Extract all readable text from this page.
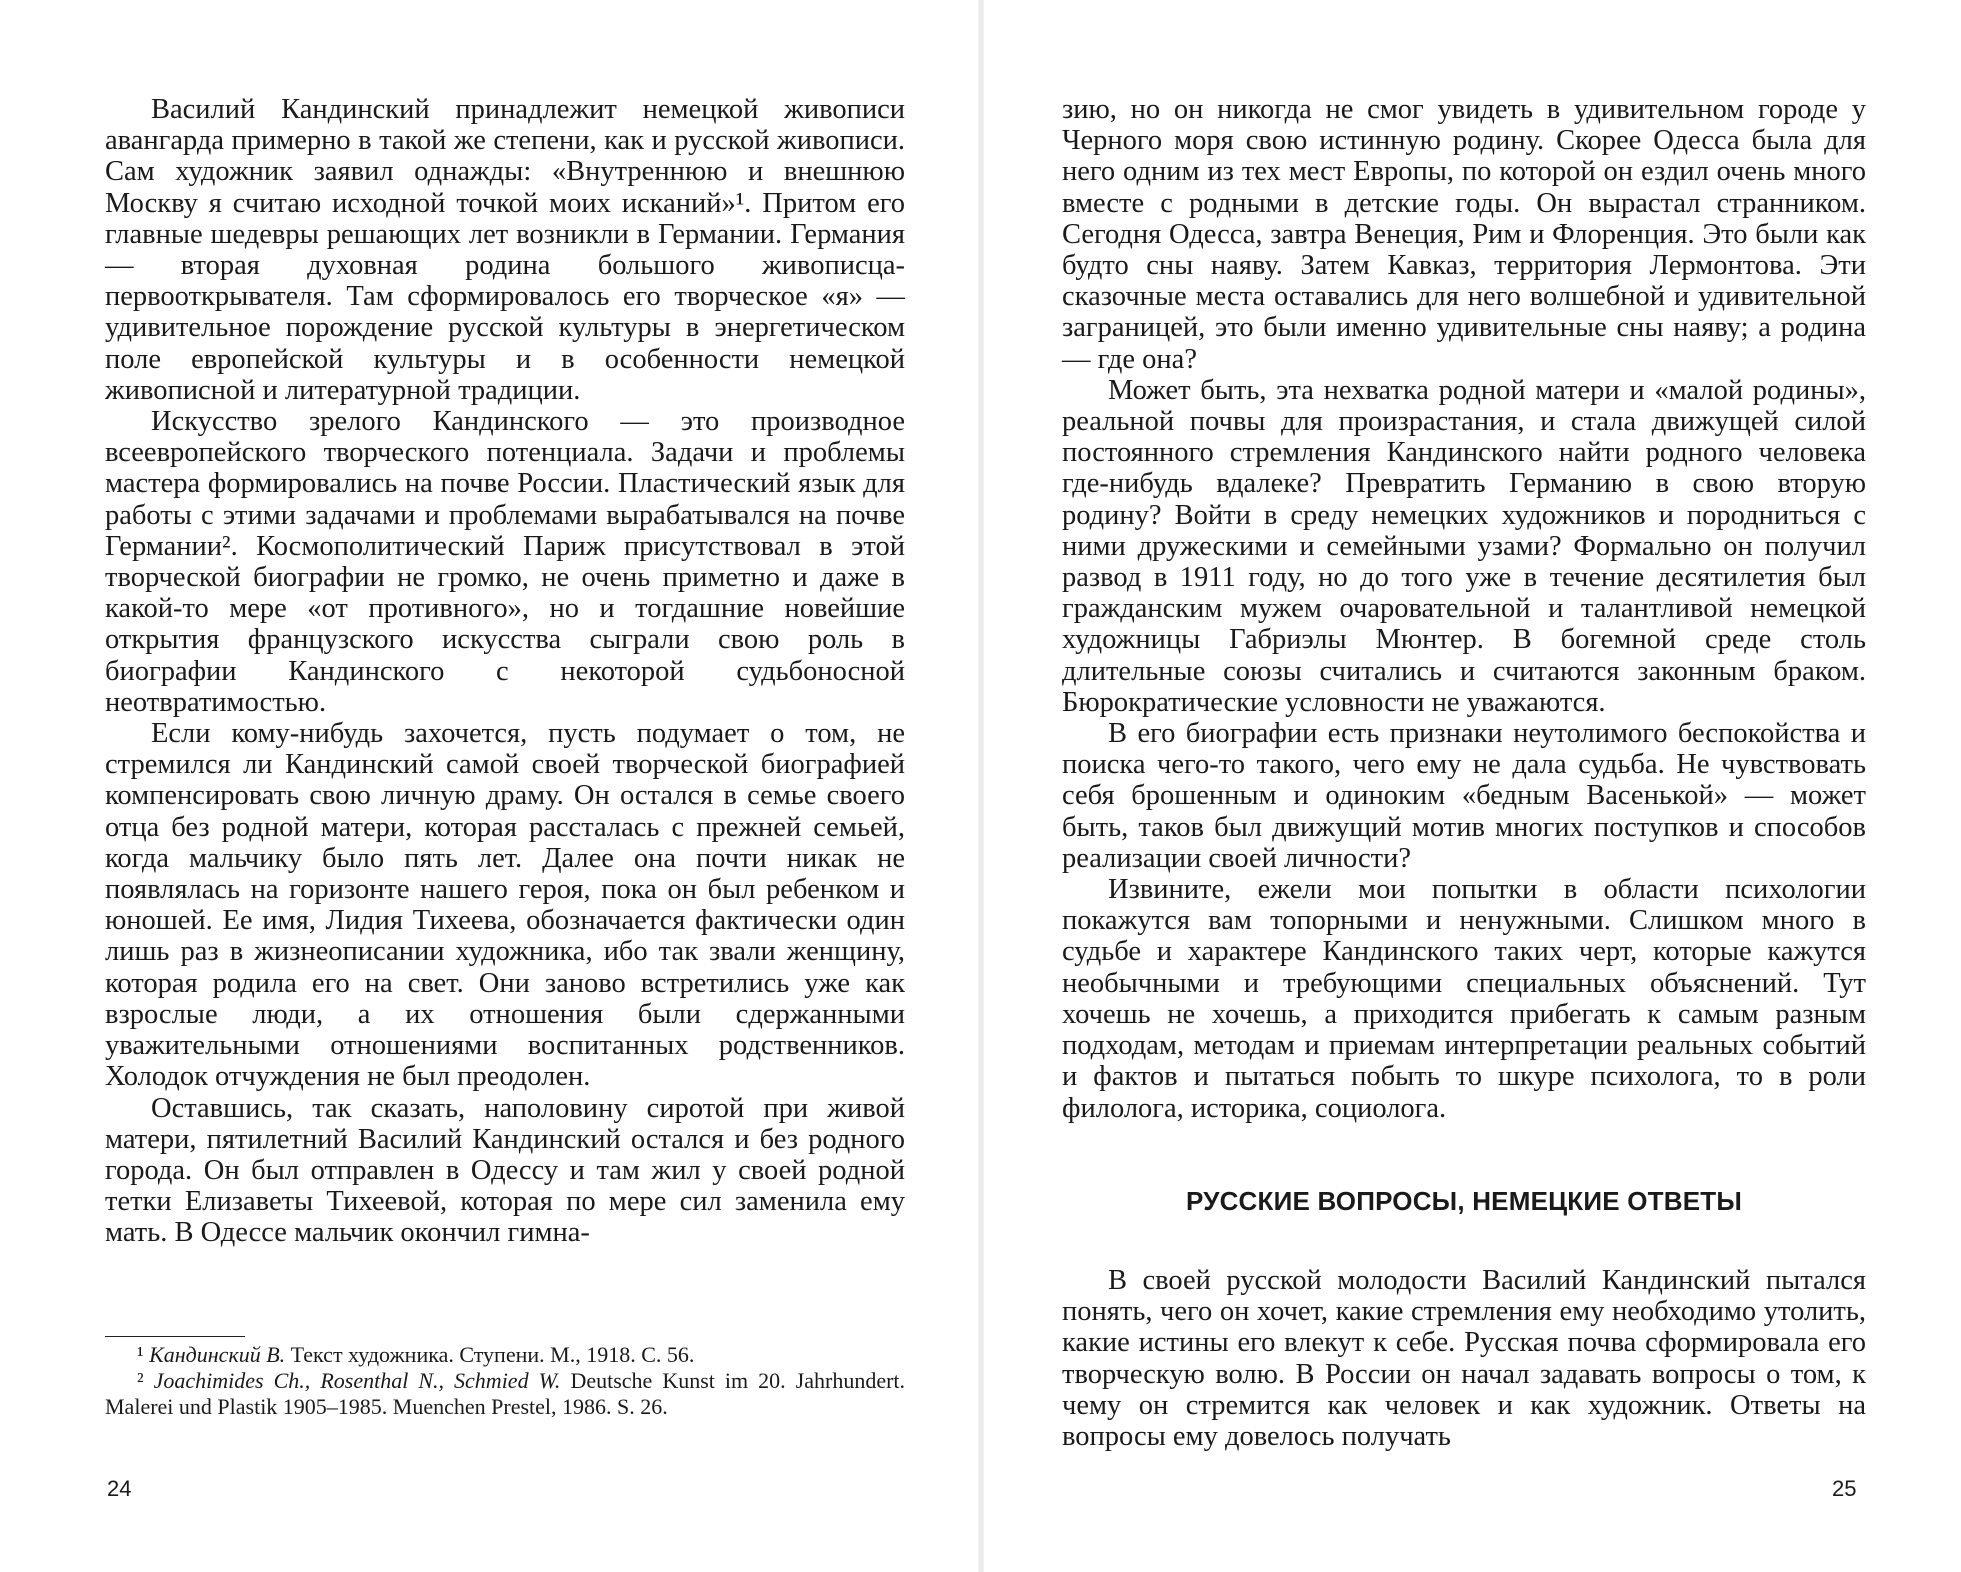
Василий Кандинский принадлежит немецкой живописи авангарда примерно в такой же степени, как и русской живописи. Сам художник заявил однажды: «Внутреннюю и внешнюю Москву я считаю исходной точкой моих исканий»¹. Притом его главные шедевры решающих лет возникли в Германии. Германия — вторая духовная родина большого живописца-первооткрывателя. Там сформировалось его творческое «я» — удивительное порождение русской культуры в энергетическом поле европейской культуры и в особенности немецкой живописной и литературной традиции.

Искусство зрелого Кандинского — это производное всеевропейского творческого потенциала. Задачи и проблемы мастера формировались на почве России. Пластический язык для работы с этими задачами и проблемами вырабатывался на почве Германии². Космополитический Париж присутствовал в этой творческой биографии не громко, не очень приметно и даже в какой-то мере «от противного», но и тогдашние новейшие открытия французского искусства сыграли свою роль в биографии Кандинского с некоторой судьбоносной неотвратимостью.

Если кому-нибудь захочется, пусть подумает о том, не стремился ли Кандинский самой своей творческой биографией компенсировать свою личную драму. Он остался в семье своего отца без родной матери, которая рассталась с прежней семьей, когда мальчику было пять лет. Далее она почти никак не появлялась на горизонте нашего героя, пока он был ребенком и юношей. Ее имя, Лидия Тихеева, обозначается фактически один лишь раз в жизнеописании художника, ибо так звали женщину, которая родила его на свет. Они заново встретились уже как взрослые люди, а их отношения были сдержанными уважительными отношениями воспитанных родственников. Холодок отчуждения не был преодолен.

Оставшись, так сказать, наполовину сиротой при живой матери, пятилетний Василий Кандинский остался и без родного города. Он был отправлен в Одессу и там жил у своей родной тетки Елизаветы Тихеевой, которая по мере сил заменила ему мать. В Одессе мальчик окончил гимна-

¹ Кандинский В. Текст художника. Ступени. М., 1918. С. 56.

² Joachimides Ch., Rosenthal N., Schmied W. Deutsche Kunst im 20. Jahrhundert. Malerei und Plastik 1905–1985. Muenchen Prestel, 1986. S. 26.

24

зию, но он никогда не смог увидеть в удивительном городе у Черного моря свою истинную родину. Скорее Одесса была для него одним из тех мест Европы, по которой он ездил очень много вместе с родными в детские годы. Он вырастал странником. Сегодня Одесса, завтра Венеция, Рим и Флоренция. Это были как будто сны наяву. Затем Кавказ, территория Лермонтова. Эти сказочные места оставались для него волшебной и удивительной заграницей, это были именно удивительные сны наяву; а родина — где она?

Может быть, эта нехватка родной матери и «малой родины», реальной почвы для произрастания, и стала движущей силой постоянного стремления Кандинского найти родного человека где-нибудь вдалеке? Превратить Германию в свою вторую родину? Войти в среду немецких художников и породниться с ними дружескими и семейными узами? Формально он получил развод в 1911 году, но до того уже в течение десятилетия был гражданским мужем очаровательной и талантливой немецкой художницы Габриэлы Мюнтер. В богемной среде столь длительные союзы считались и считаются законным браком. Бюрократические условности не уважаются.

В его биографии есть признаки неутолимого беспокойства и поиска чего-то такого, чего ему не дала судьба. Не чувствовать себя брошенным и одиноким «бедным Васенькой» — может быть, таков был движущий мотив многих поступков и способов реализации своей личности?

Извините, ежели мои попытки в области психологии покажутся вам топорными и ненужными. Слишком много в судьбе и характере Кандинского таких черт, которые кажутся необычными и требующими специальных объяснений. Тут хочешь не хочешь, а приходится прибегать к самым разным подходам, методам и приемам интерпретации реальных событий и фактов и пытаться побыть то шкуре психолога, то в роли филолога, историка, социолога.

РУССКИЕ ВОПРОСЫ, НЕМЕЦКИЕ ОТВЕТЫ

В своей русской молодости Василий Кандинский пытался понять, чего он хочет, какие стремления ему необходимо утолить, какие истины его влекут к себе. Русская почва сформировала его творческую волю. В России он начал задавать вопросы о том, к чему он стремится как человек и как художник. Ответы на вопросы ему довелось получать

25
